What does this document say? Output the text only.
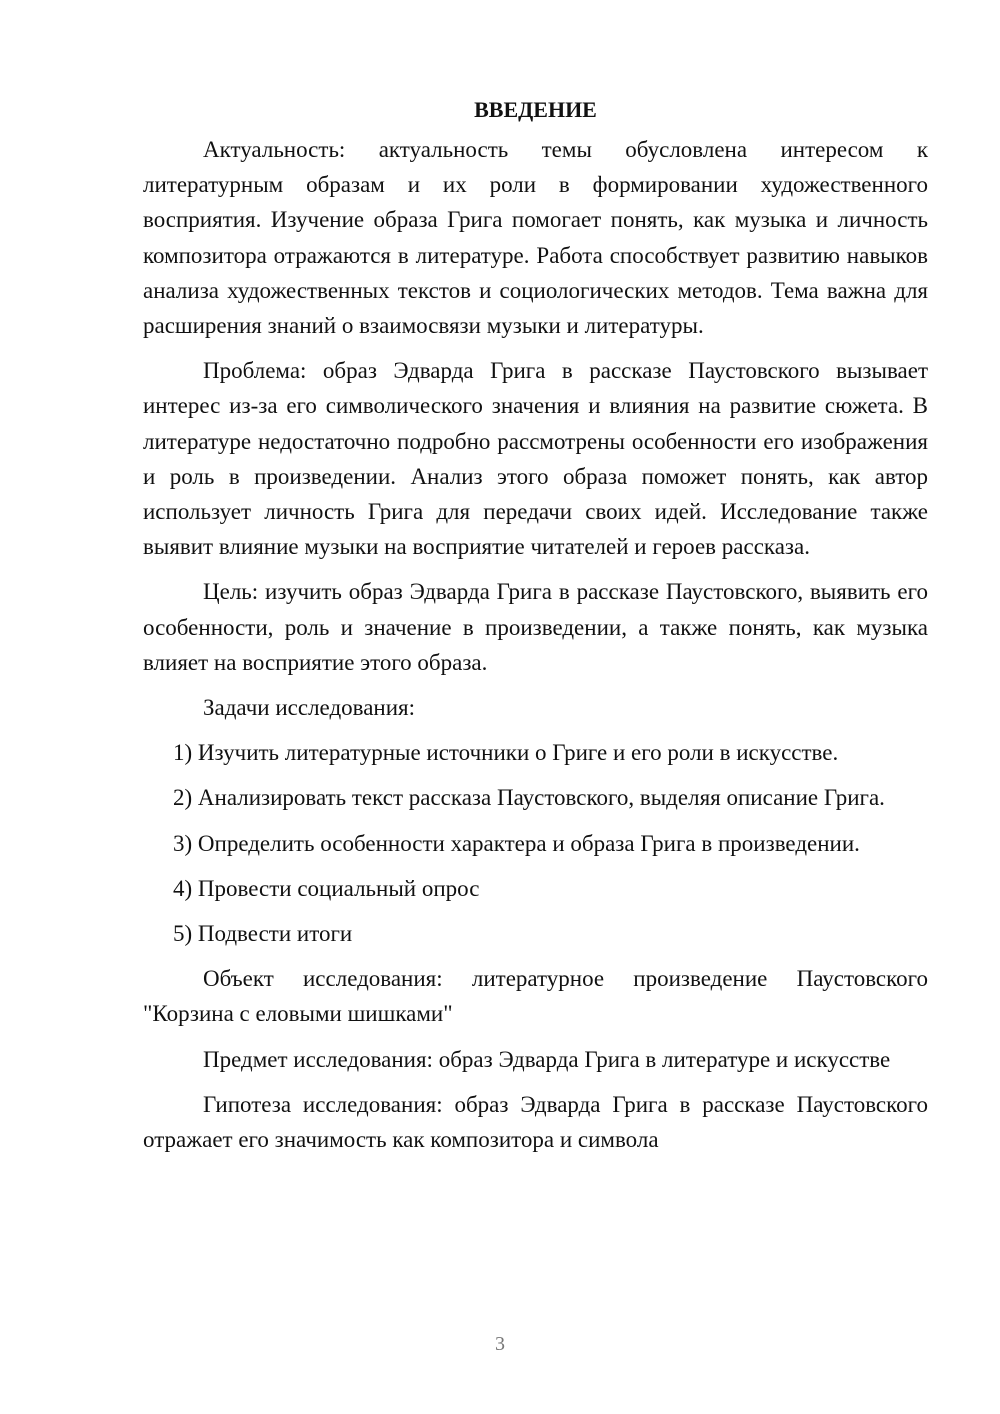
ВВЕДЕНИЕ

Актуальность: актуальность темы обусловлена интересом к литературным образам и их роли в формировании художественного восприятия. Изучение образа Грига помогает понять, как музыка и личность композитора отражаются в литературе. Работа способствует развитию навыков анализа художественных текстов и социологических методов. Тема важна для расширения знаний о взаимосвязи музыки и литературы.

Проблема: образ Эдварда Грига в рассказе Паустовского вызывает интерес из-за его символического значения и влияния на развитие сюжета. В литературе недостаточно подробно рассмотрены особенности его изображения и роль в произведении. Анализ этого образа поможет понять, как автор использует личность Грига для передачи своих идей. Исследование также выявит влияние музыки на восприятие читателей и героев рассказа.

Цель: изучить образ Эдварда Грига в рассказе Паустовского, выявить его особенности, роль и значение в произведении, а также понять, как музыка влияет на восприятие этого образа.

Задачи исследования:

1) Изучить литературные источники о Григе и его роли в искусстве.

2) Анализировать текст рассказа Паустовского, выделяя описание Грига.

3) Определить особенности характера и образа Грига в произведении.

4) Провести социальный опрос

5) Подвести итоги

Объект исследования: литературное произведение Паустовского "Корзина с еловыми шишками"

Предмет исследования: образ Эдварда Грига в литературе и искусстве

Гипотеза исследования: образ Эдварда Грига в рассказе Паустовского отражает его значимость как композитора и символа

3
